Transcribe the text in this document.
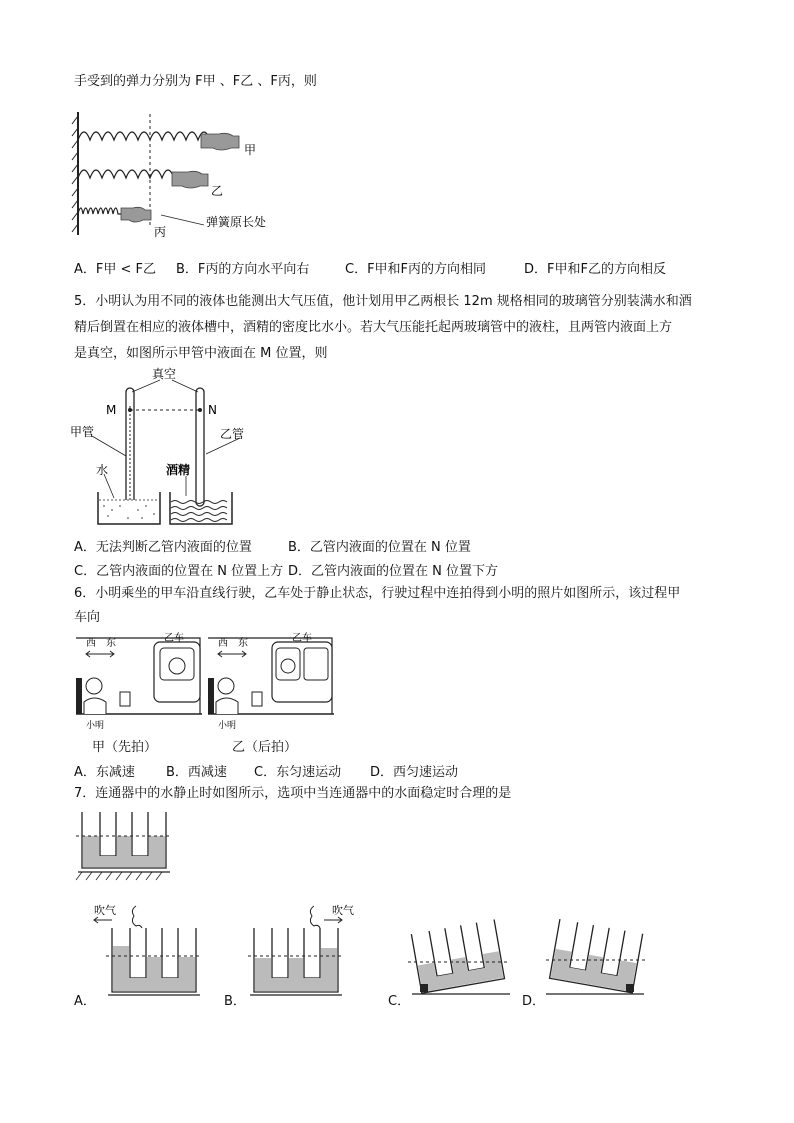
手受到的弹力分别为 F甲 、F乙 、F丙，则
甲
乙
丙
弹簧原长处
A．F甲 < F乙 B．F丙的方向水平向右	C．F甲和F丙的方向相同	D．F甲和F乙的方向相反
5．小明认为用不同的液体也能测出大气压值，他计划用甲乙两根长 12m 规格相同的玻璃管分别装满水和酒
精后倒置在相应的液体槽中，酒精的密度比水小。若大气压能托起两玻璃管中的液柱，且两管内液面上方
是真空，如图所示甲管中液面在 M 位置，则
真空
M	N
甲管	乙管
水	酒精
A．无法判断乙管内液面的位置	B．乙管内液面的位置在 N 位置
C．乙管内液面的位置在 N 位置上方 D．乙管内液面的位置在 N 位置下方
6．小明乘坐的甲车沿直线行驶，乙车处于静止状态，行驶过程中连拍得到小明的照片如图所示，该过程甲
车向
西 东	乙车
小明
西 东	乙车
小明
甲（先拍）	乙（后拍）
A．东减速 B．西减速 C．东匀速运动 D．西匀速运动
7．连通器中的水静止时如图所示，选项中当连通器中的水面稳定时合理的是
吹气
A．
吹气
B．	C．	D．
